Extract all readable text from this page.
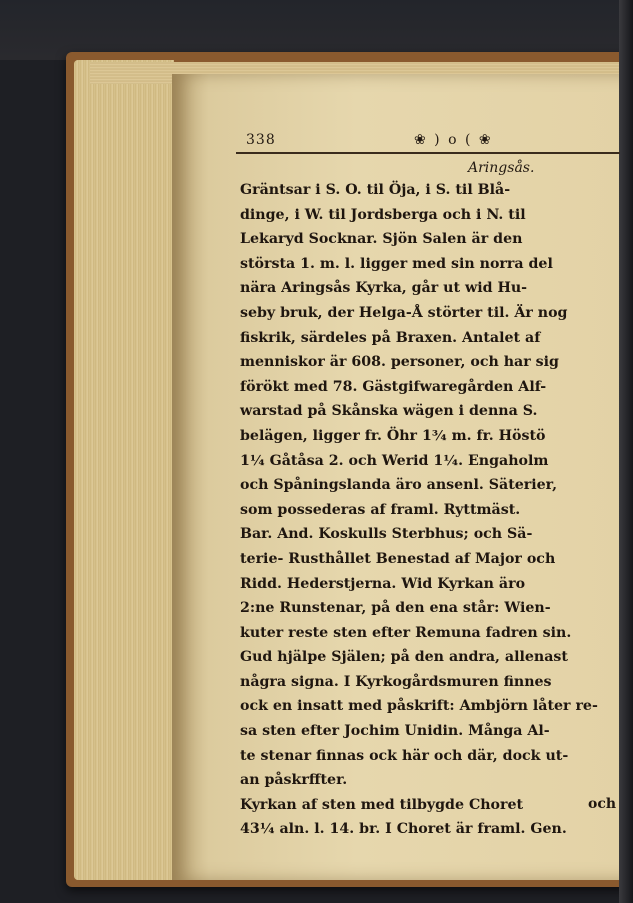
338	❀ ) o ( ❀
Aringsås.
Gräntsar i S. O. til Öja, i S. til Blå-
dinge, i W. til Jordsberga och i N. til
Lekaryd Socknar. Sjön Salen är den
största 1. m. l. ligger med sin norra del
nära Aringsås Kyrka, går ut wid Hu-
seby bruk, der Helga-Å störter til. Är nog
fiskrik, särdeles på Braxen. Antalet af
menniskor är 608. personer, och har sig
förökt med 78. Gästgifwaregården Alf-
warstad på Skånska wägen i denna S.
belägen, ligger fr. Öhr 1¾ m. fr. Höstö
1¼ Gåtåsa 2. och Werid 1¼. Engaholm
och Spåningslanda äro ansenl. Säterier,
som possederas af framl. Ryttmäst.
Bar. And. Koskulls Sterbhus; och Sä-
terie- Rusthållet Benestad af Major och
Ridd. Hederstjerna. Wid Kyrkan äro
2:ne Runstenar, på den ena står: Wien-
kuter reste sten efter Remuna fadren sin.
Gud hjälpe Själen; på den andra, allenast
några signa. I Kyrkogårdsmuren finnes
ock en insatt med påskrift: Ambjörn låter re-
sa sten efter Jochim Unidin. Många Al-
te stenar finnas ock här och där, dock ut-
an påskrffter.
Kyrkan af sten med tilbygde Choret
43¼ aln. l. 14. br. I Choret är framl. Gen.
och
